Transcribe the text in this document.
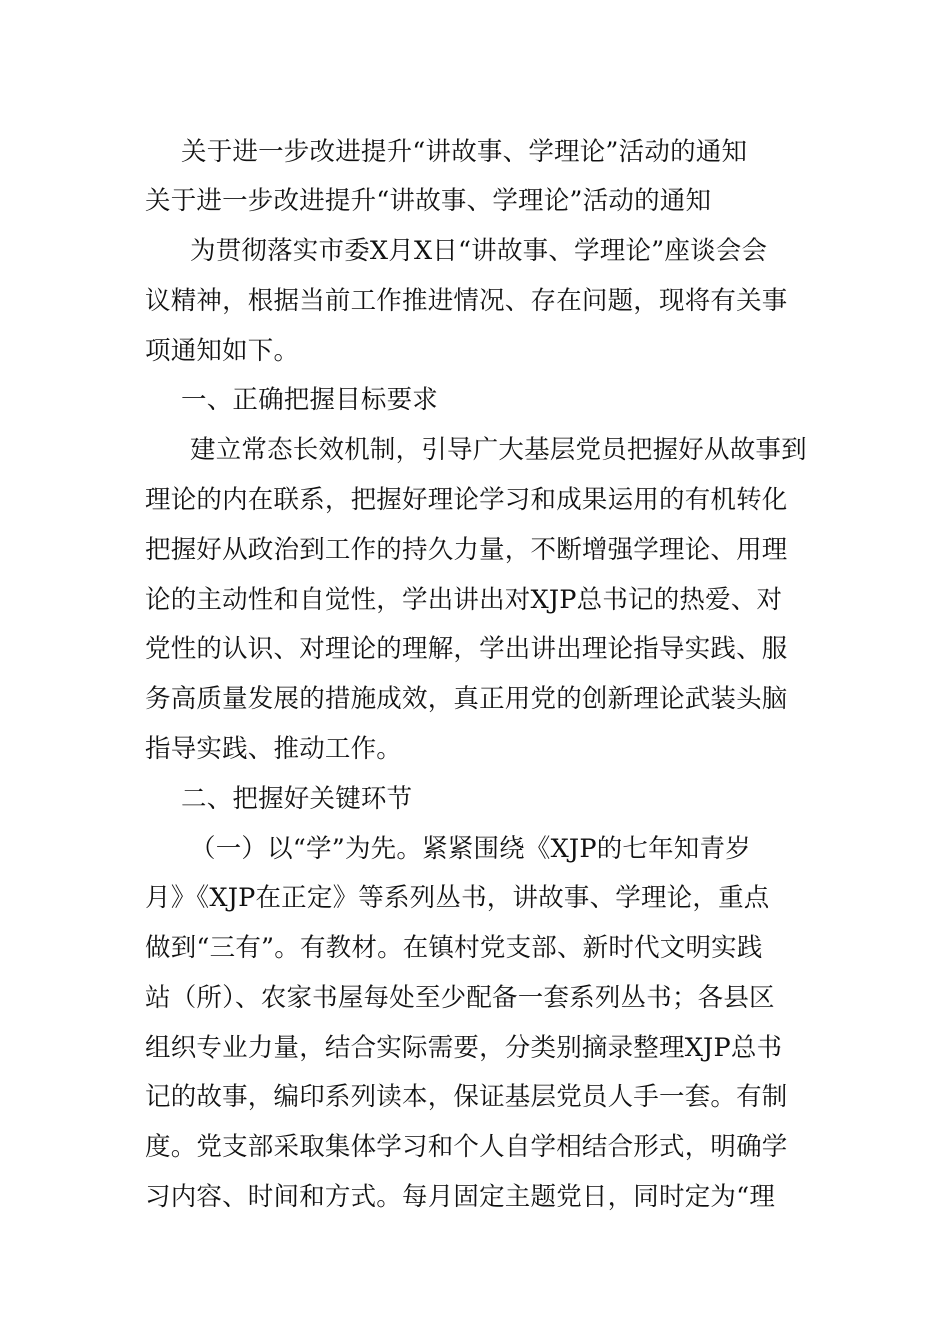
关于进一步改进提升“讲故事、学理论”活动的通知
关于进一步改进提升“讲故事、学理论”活动的通知
为贯彻落实市委X月X日“讲故事、学理论”座谈会会
议精神，根据当前工作推进情况、存在问题，现将有关事
项通知如下。
一、正确把握目标要求
建立常态长效机制，引导广大基层党员把握好从故事到
理论的内在联系，把握好理论学习和成果运用的有机转化
把握好从政治到工作的持久力量，不断增强学理论、用理
论的主动性和自觉性，学出讲出对XJP总书记的热爱、对
党性的认识、对理论的理解，学出讲出理论指导实践、服
务高质量发展的措施成效，真正用党的创新理论武装头脑
指导实践、推动工作。
二、把握好关键环节
（一）以“学”为先。紧紧围绕《XJP的七年知青岁
月》《XJP在正定》等系列丛书，讲故事、学理论，重点
做到“三有”。有教材。在镇村党支部、新时代文明实践
站（所）、农家书屋每处至少配备一套系列丛书；各县区
组织专业力量，结合实际需要，分类别摘录整理XJP总书
记的故事，编印系列读本，保证基层党员人手一套。有制
度。党支部采取集体学习和个人自学相结合形式，明确学
习内容、时间和方式。每月固定主题党日，同时定为“理
